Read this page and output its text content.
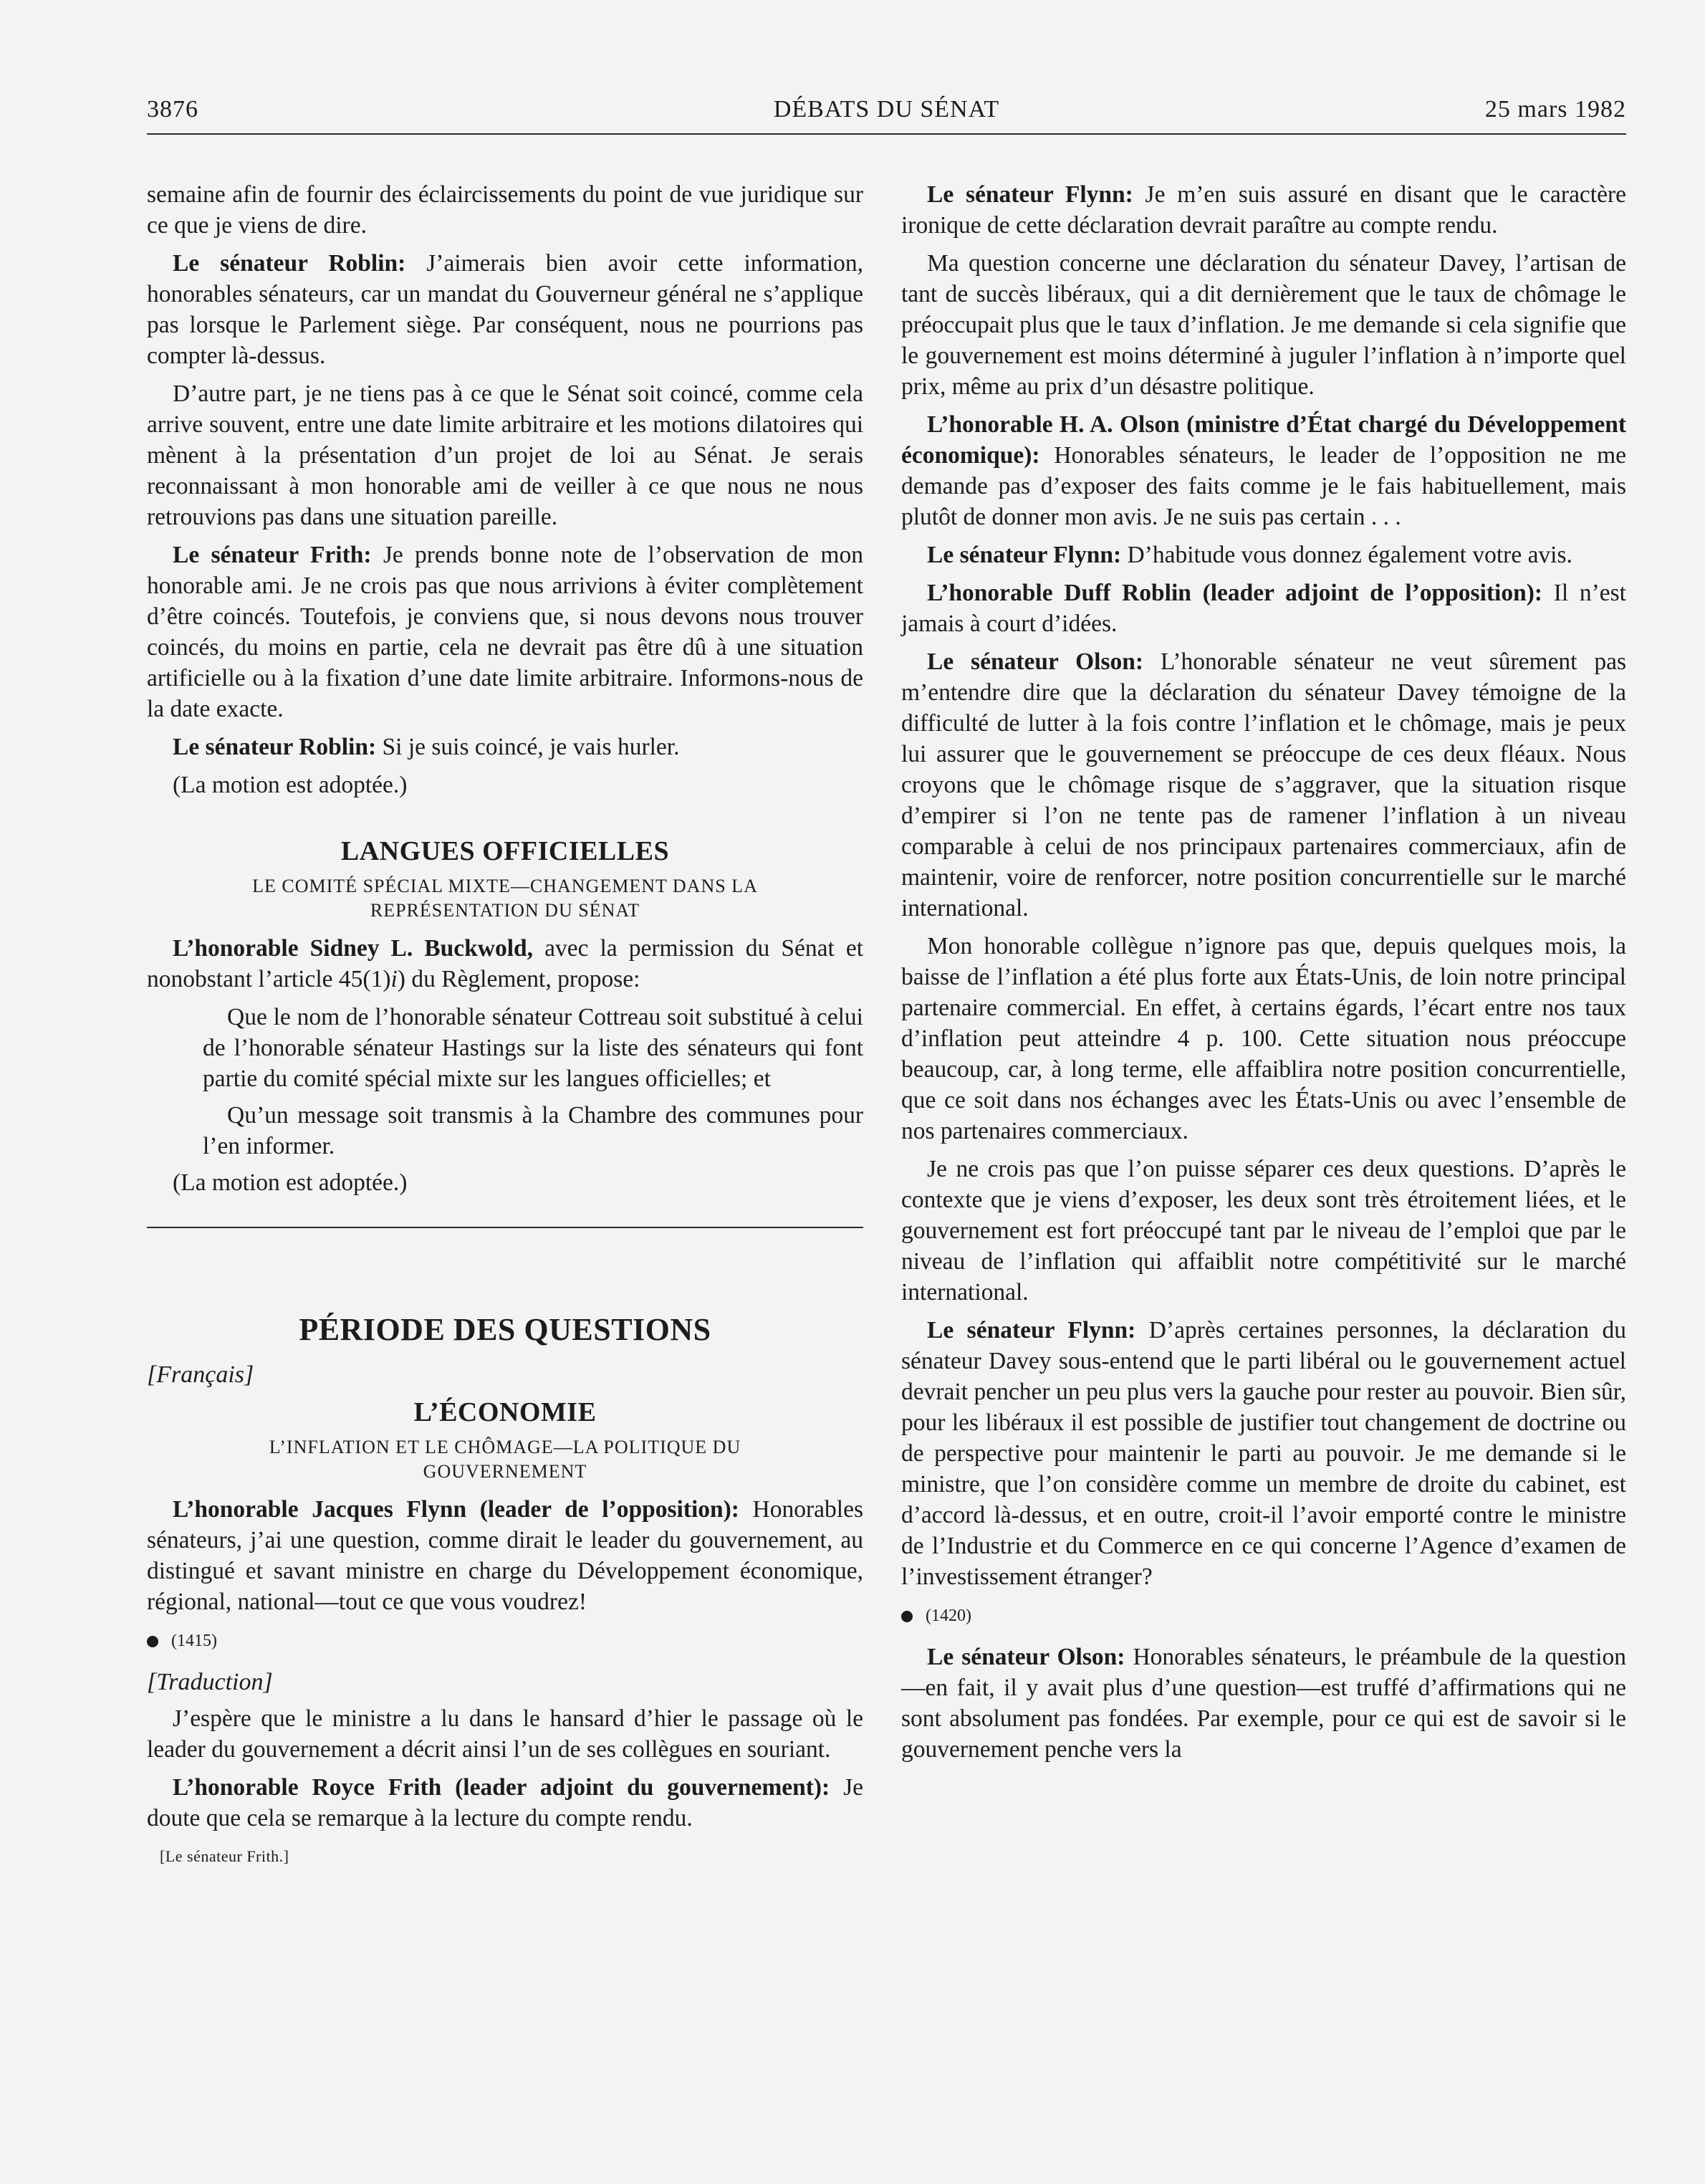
3876	DÉBATS DU SÉNAT	25 mars 1982

semaine afin de fournir des éclaircissements du point de vue juridique sur ce que je viens de dire.

Le sénateur Roblin: J’aimerais bien avoir cette information, honorables sénateurs, car un mandat du Gouverneur général ne s’applique pas lorsque le Parlement siège. Par conséquent, nous ne pourrions pas compter là-dessus.

D’autre part, je ne tiens pas à ce que le Sénat soit coincé, comme cela arrive souvent, entre une date limite arbitraire et les motions dilatoires qui mènent à la présentation d’un projet de loi au Sénat. Je serais reconnaissant à mon honorable ami de veiller à ce que nous ne nous retrouvions pas dans une situation pareille.

Le sénateur Frith: Je prends bonne note de l’observation de mon honorable ami. Je ne crois pas que nous arrivions à éviter complètement d’être coincés. Toutefois, je conviens que, si nous devons nous trouver coincés, du moins en partie, cela ne devrait pas être dû à une situation artificielle ou à la fixation d’une date limite arbitraire. Informons-nous de la date exacte.

Le sénateur Roblin: Si je suis coincé, je vais hurler.

(La motion est adoptée.)

LANGUES OFFICIELLES
LE COMITÉ SPÉCIAL MIXTE—CHANGEMENT DANS LA REPRÉSENTATION DU SÉNAT

L’honorable Sidney L. Buckwold, avec la permission du Sénat et nonobstant l’article 45(1)i) du Règlement, propose:

Que le nom de l’honorable sénateur Cottreau soit substitué à celui de l’honorable sénateur Hastings sur la liste des sénateurs qui font partie du comité spécial mixte sur les langues officielles; et

Qu’un message soit transmis à la Chambre des communes pour l’en informer.

(La motion est adoptée.)

PÉRIODE DES QUESTIONS
[Français]
L’ÉCONOMIE
L’INFLATION ET LE CHÔMAGE—LA POLITIQUE DU GOUVERNEMENT

L’honorable Jacques Flynn (leader de l’opposition): Honorables sénateurs, j’ai une question, comme dirait le leader du gouvernement, au distingué et savant ministre en charge du Développement économique, régional, national—tout ce que vous voudrez!

(1415)
[Traduction]

J’espère que le ministre a lu dans le hansard d’hier le passage où le leader du gouvernement a décrit ainsi l’un de ses collègues en souriant.

L’honorable Royce Frith (leader adjoint du gouvernement): Je doute que cela se remarque à la lecture du compte rendu.

[Le sénateur Frith.]

Le sénateur Flynn: Je m’en suis assuré en disant que le caractère ironique de cette déclaration devrait paraître au compte rendu.

Ma question concerne une déclaration du sénateur Davey, l’artisan de tant de succès libéraux, qui a dit dernièrement que le taux de chômage le préoccupait plus que le taux d’inflation. Je me demande si cela signifie que le gouvernement est moins déterminé à juguler l’inflation à n’importe quel prix, même au prix d’un désastre politique.

L’honorable H. A. Olson (ministre d’État chargé du Développement économique): Honorables sénateurs, le leader de l’opposition ne me demande pas d’exposer des faits comme je le fais habituellement, mais plutôt de donner mon avis. Je ne suis pas certain . . .

Le sénateur Flynn: D’habitude vous donnez également votre avis.

L’honorable Duff Roblin (leader adjoint de l’opposition): Il n’est jamais à court d’idées.

Le sénateur Olson: L’honorable sénateur ne veut sûrement pas m’entendre dire que la déclaration du sénateur Davey témoigne de la difficulté de lutter à la fois contre l’inflation et le chômage, mais je peux lui assurer que le gouvernement se préoccupe de ces deux fléaux. Nous croyons que le chômage risque de s’aggraver, que la situation risque d’empirer si l’on ne tente pas de ramener l’inflation à un niveau comparable à celui de nos principaux partenaires commerciaux, afin de maintenir, voire de renforcer, notre position concurrentielle sur le marché international.

Mon honorable collègue n’ignore pas que, depuis quelques mois, la baisse de l’inflation a été plus forte aux États-Unis, de loin notre principal partenaire commercial. En effet, à certains égards, l’écart entre nos taux d’inflation peut atteindre 4 p. 100. Cette situation nous préoccupe beaucoup, car, à long terme, elle affaiblira notre position concurrentielle, que ce soit dans nos échanges avec les États-Unis ou avec l’ensemble de nos partenaires commerciaux.

Je ne crois pas que l’on puisse séparer ces deux questions. D’après le contexte que je viens d’exposer, les deux sont très étroitement liées, et le gouvernement est fort préoccupé tant par le niveau de l’emploi que par le niveau de l’inflation qui affaiblit notre compétitivité sur le marché international.

Le sénateur Flynn: D’après certaines personnes, la déclaration du sénateur Davey sous-entend que le parti libéral ou le gouvernement actuel devrait pencher un peu plus vers la gauche pour rester au pouvoir. Bien sûr, pour les libéraux il est possible de justifier tout changement de doctrine ou de perspective pour maintenir le parti au pouvoir. Je me demande si le ministre, que l’on considère comme un membre de droite du cabinet, est d’accord là-dessus, et en outre, croit-il l’avoir emporté contre le ministre de l’Industrie et du Commerce en ce qui concerne l’Agence d’examen de l’investissement étranger?

(1420)

Le sénateur Olson: Honorables sénateurs, le préambule de la question—en fait, il y avait plus d’une question—est truffé d’affirmations qui ne sont absolument pas fondées. Par exemple, pour ce qui est de savoir si le gouvernement penche vers la
